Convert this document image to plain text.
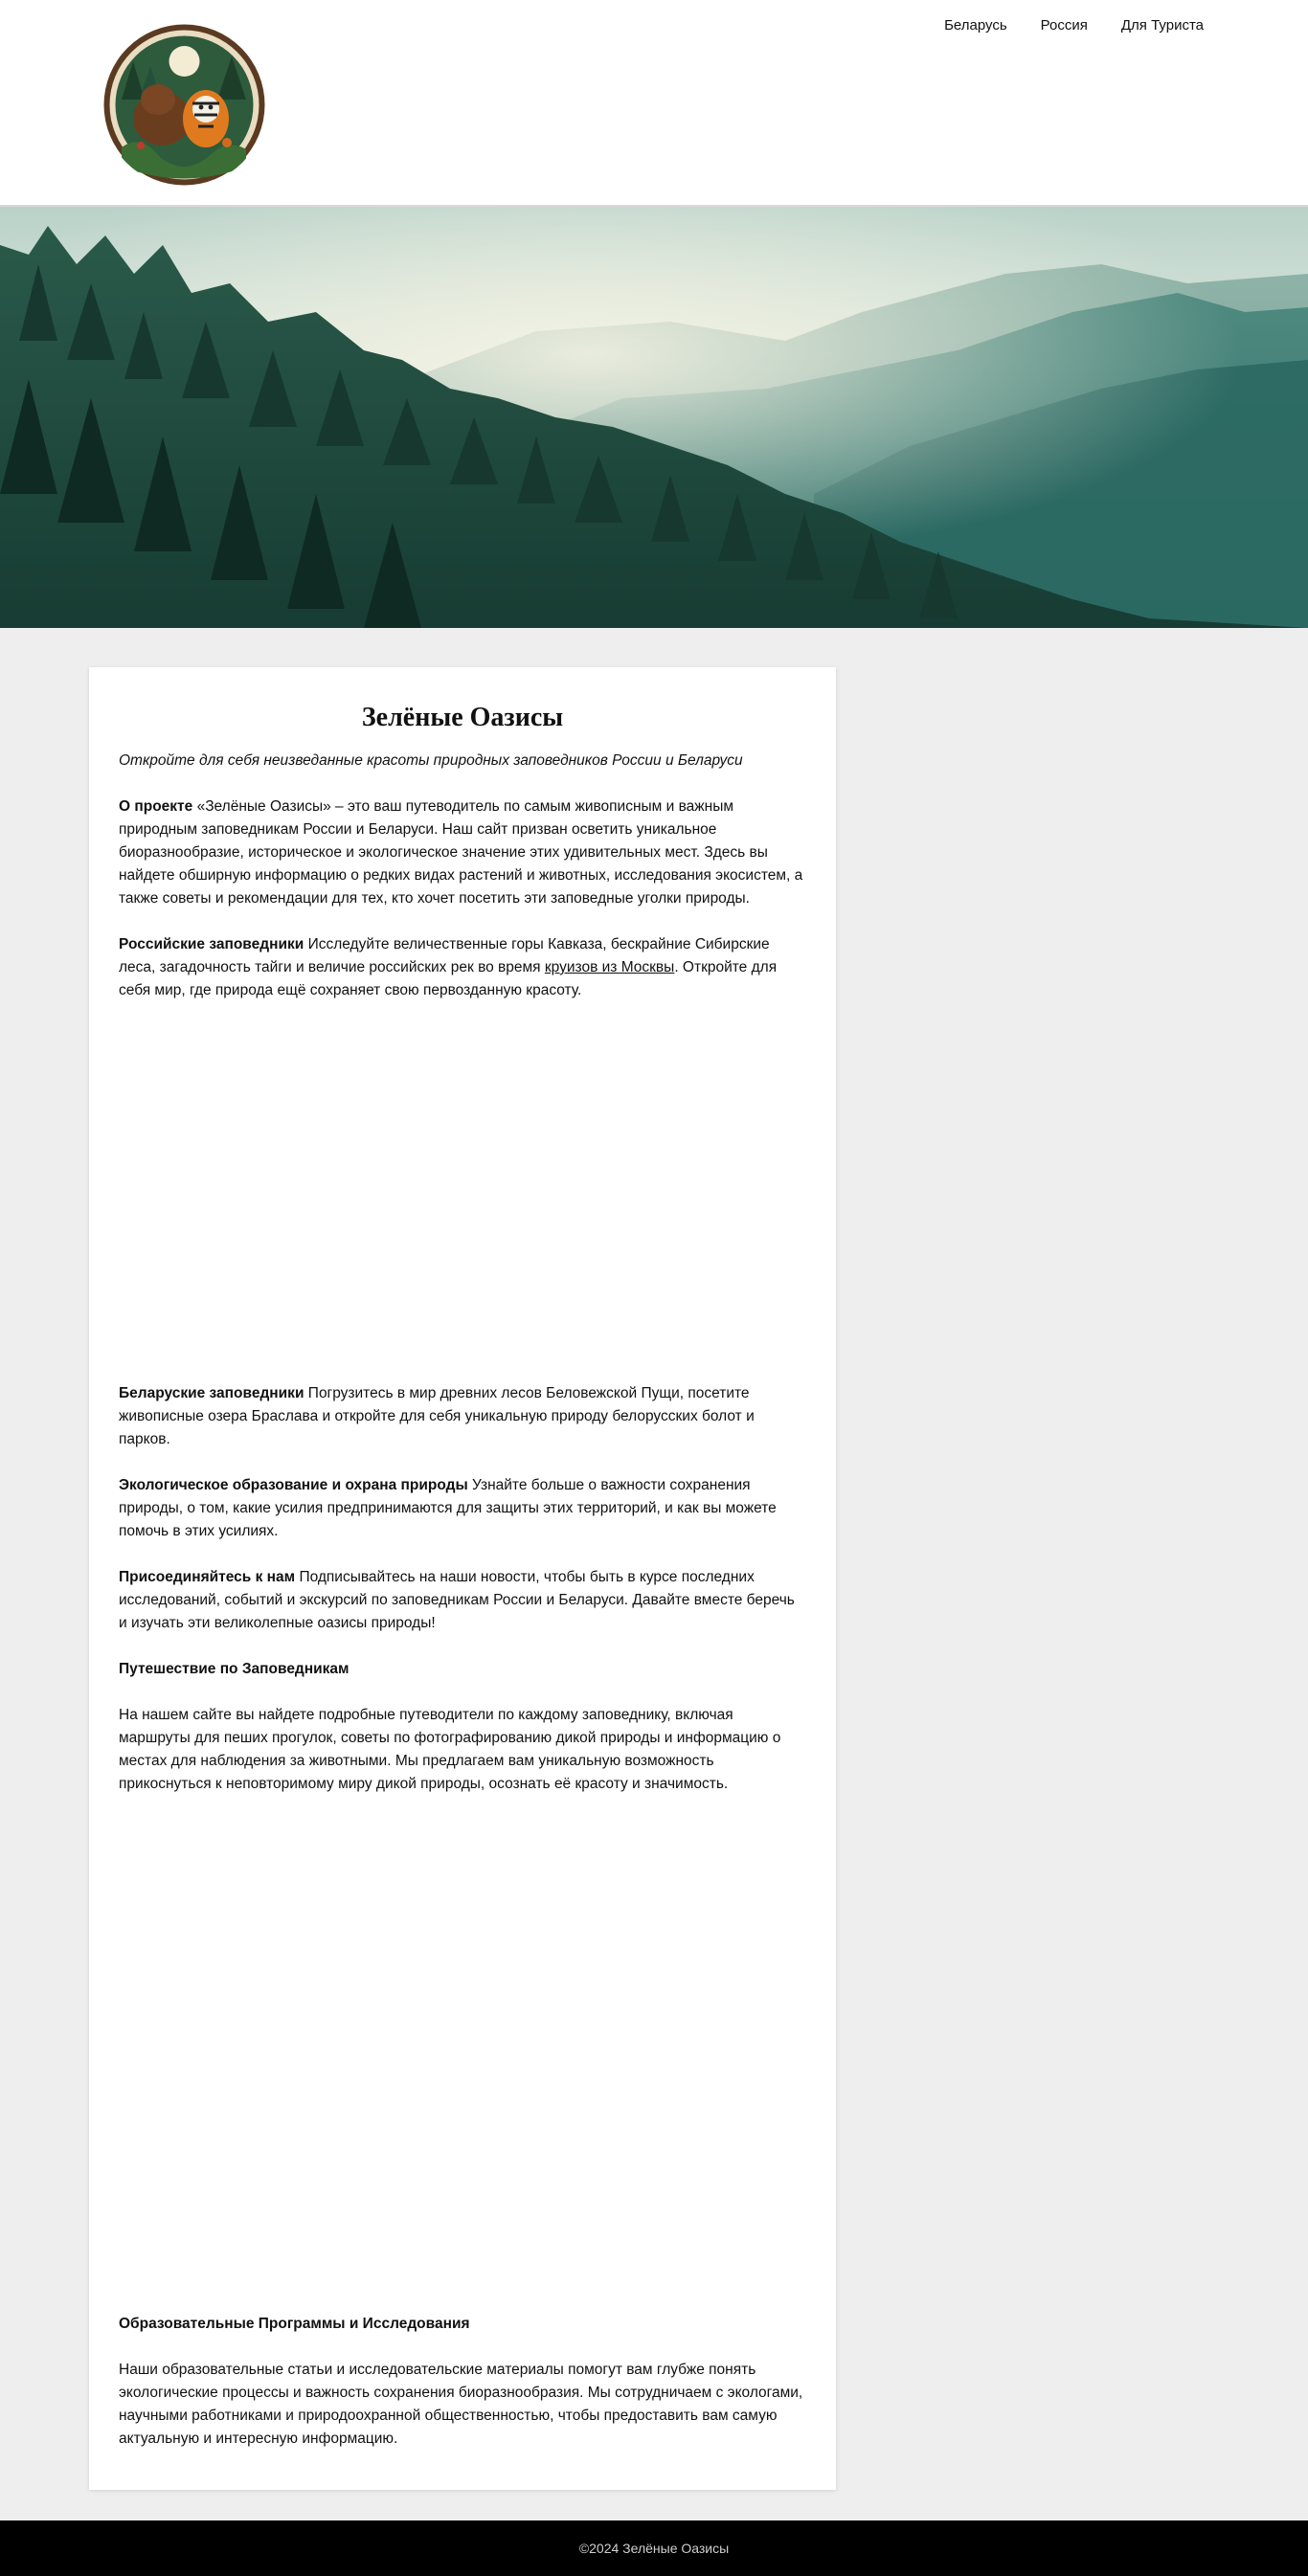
Беларусь Россия Для Туриста
Зелёные Оазисы

Откройте для себя неизведанные красоты природных заповедников России и Беларуси

О проекте «Зелёные Оазисы» – это ваш путеводитель по самым живописным и важным природным заповедникам России и Беларуси. Наш сайт призван осветить уникальное биоразнообразие, историческое и экологическое значение этих удивительных мест. Здесь вы найдете обширную информацию о редких видах растений и животных, исследования экосистем, а также советы и рекомендации для тех, кто хочет посетить эти заповедные уголки природы.

Российские заповедники Исследуйте величественные горы Кавказа, бескрайние Сибирские леса, загадочность тайги и величие российских рек во время круизов из Москвы. Откройте для себя мир, где природа ещё сохраняет свою первозданную красоту.

Беларуские заповедники Погрузитесь в мир древних лесов Беловежской Пущи, посетите живописные озера Браслава и откройте для себя уникальную природу белорусских болот и парков.

Экологическое образование и охрана природы Узнайте больше о важности сохранения природы, о том, какие усилия предпринимаются для защиты этих территорий, и как вы можете помочь в этих усилиях.

Присоединяйтесь к нам Подписывайтесь на наши новости, чтобы быть в курсе последних исследований, событий и экскурсий по заповедникам России и Беларуси. Давайте вместе беречь и изучать эти великолепные оазисы природы!

Путешествие по Заповедникам

На нашем сайте вы найдете подробные путеводители по каждому заповеднику, включая маршруты для пеших прогулок, советы по фотографированию дикой природы и информацию о местах для наблюдения за животными. Мы предлагаем вам уникальную возможность прикоснуться к неповторимому миру дикой природы, осознать её красоту и значимость.

Образовательные Программы и Исследования

Наши образовательные статьи и исследовательские материалы помогут вам глубже понять экологические процессы и важность сохранения биоразнообразия. Мы сотрудничаем с экологами, научными работниками и природоохранной общественностью, чтобы предоставить вам самую актуальную и интересную информацию.

©2024 Зелёные Оазисы
